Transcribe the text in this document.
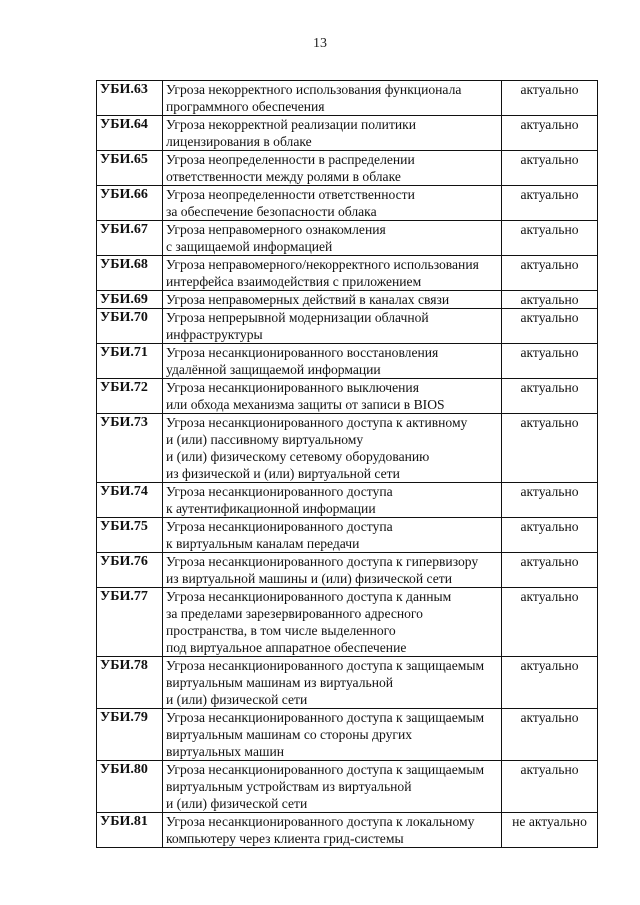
13
УБИ.63	Угроза некорректного использования функционала
программного обеспечения	актуально
УБИ.64	Угроза некорректной реализации политики
лицензирования в облаке	актуально
УБИ.65	Угроза неопределенности в распределении
ответственности между ролями в облаке	актуально
УБИ.66	Угроза неопределенности ответственности
за обеспечение безопасности облака	актуально
УБИ.67	Угроза неправомерного ознакомления
с защищаемой информацией	актуально
УБИ.68	Угроза неправомерного/некорректного использования
интерфейса взаимодействия с приложением	актуально
УБИ.69	Угроза неправомерных действий в каналах связи	актуально
УБИ.70	Угроза непрерывной модернизации облачной
инфраструктуры	актуально
УБИ.71	Угроза несанкционированного восстановления
удалённой защищаемой информации	актуально
УБИ.72	Угроза несанкционированного выключения
или обхода механизма защиты от записи в BIOS	актуально
УБИ.73	Угроза несанкционированного доступа к активному
и (или) пассивному виртуальному
и (или) физическому сетевому оборудованию
из физической и (или) виртуальной сети	актуально
УБИ.74	Угроза несанкционированного доступа
к аутентификационной информации	актуально
УБИ.75	Угроза несанкционированного доступа
к виртуальным каналам передачи	актуально
УБИ.76	Угроза несанкционированного доступа к гипервизору
из виртуальной машины и (или) физической сети	актуально
УБИ.77	Угроза несанкционированного доступа к данным
за пределами зарезервированного адресного
пространства, в том числе выделенного
под виртуальное аппаратное обеспечение	актуально
УБИ.78	Угроза несанкционированного доступа к защищаемым
виртуальным машинам из виртуальной
и (или) физической сети	актуально
УБИ.79	Угроза несанкционированного доступа к защищаемым
виртуальным машинам со стороны других
виртуальных машин	актуально
УБИ.80	Угроза несанкционированного доступа к защищаемым
виртуальным устройствам из виртуальной
и (или) физической сети	актуально
УБИ.81	Угроза несанкционированного доступа к локальному
компьютеру через клиента грид-системы	не актуально
